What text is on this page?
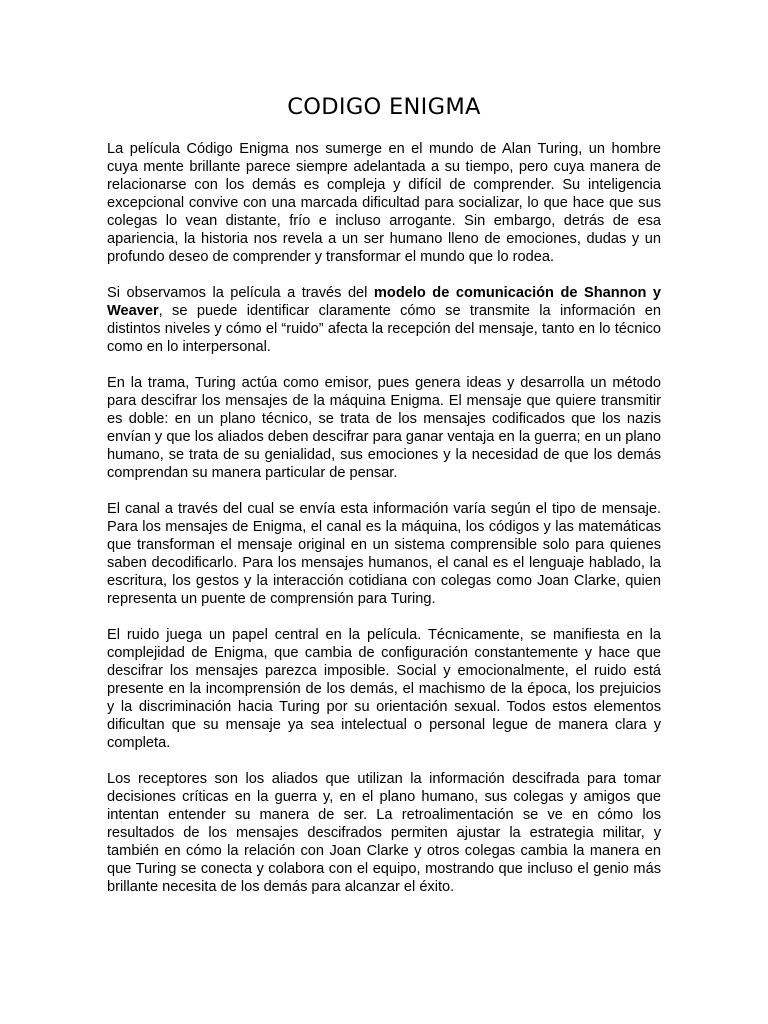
CODIGO ENIGMA

La película Código Enigma nos sumerge en el mundo de Alan Turing, un hombre cuya mente brillante parece siempre adelantada a su tiempo, pero cuya manera de relacionarse con los demás es compleja y difícil de comprender. Su inteligencia excepcional convive con una marcada dificultad para socializar, lo que hace que sus colegas lo vean distante, frío e incluso arrogante. Sin embargo, detrás de esa apariencia, la historia nos revela a un ser humano lleno de emociones, dudas y un profundo deseo de comprender y transformar el mundo que lo rodea.

Si observamos la película a través del modelo de comunicación de Shannon y Weaver, se puede identificar claramente cómo se transmite la información en distintos niveles y cómo el “ruido” afecta la recepción del mensaje, tanto en lo técnico como en lo interpersonal.

En la trama, Turing actúa como emisor, pues genera ideas y desarrolla un método para descifrar los mensajes de la máquina Enigma. El mensaje que quiere transmitir es doble: en un plano técnico, se trata de los mensajes codificados que los nazis envían y que los aliados deben descifrar para ganar ventaja en la guerra; en un plano humano, se trata de su genialidad, sus emociones y la necesidad de que los demás comprendan su manera particular de pensar.

El canal a través del cual se envía esta información varía según el tipo de mensaje. Para los mensajes de Enigma, el canal es la máquina, los códigos y las matemáticas que transforman el mensaje original en un sistema comprensible solo para quienes saben decodificarlo. Para los mensajes humanos, el canal es el lenguaje hablado, la escritura, los gestos y la interacción cotidiana con colegas como Joan Clarke, quien representa un puente de comprensión para Turing.

El ruido juega un papel central en la película. Técnicamente, se manifiesta en la complejidad de Enigma, que cambia de configuración constantemente y hace que descifrar los mensajes parezca imposible. Social y emocionalmente, el ruido está presente en la incomprensión de los demás, el machismo de la época, los prejuicios y la discriminación hacia Turing por su orientación sexual. Todos estos elementos dificultan que su mensaje ya sea intelectual o personal legue de manera clara y completa.

Los receptores son los aliados que utilizan la información descifrada para tomar decisiones críticas en la guerra y, en el plano humano, sus colegas y amigos que intentan entender su manera de ser. La retroalimentación se ve en cómo los resultados de los mensajes descifrados permiten ajustar la estrategia militar, y también en cómo la relación con Joan Clarke y otros colegas cambia la manera en que Turing se conecta y colabora con el equipo, mostrando que incluso el genio más brillante necesita de los demás para alcanzar el éxito.
